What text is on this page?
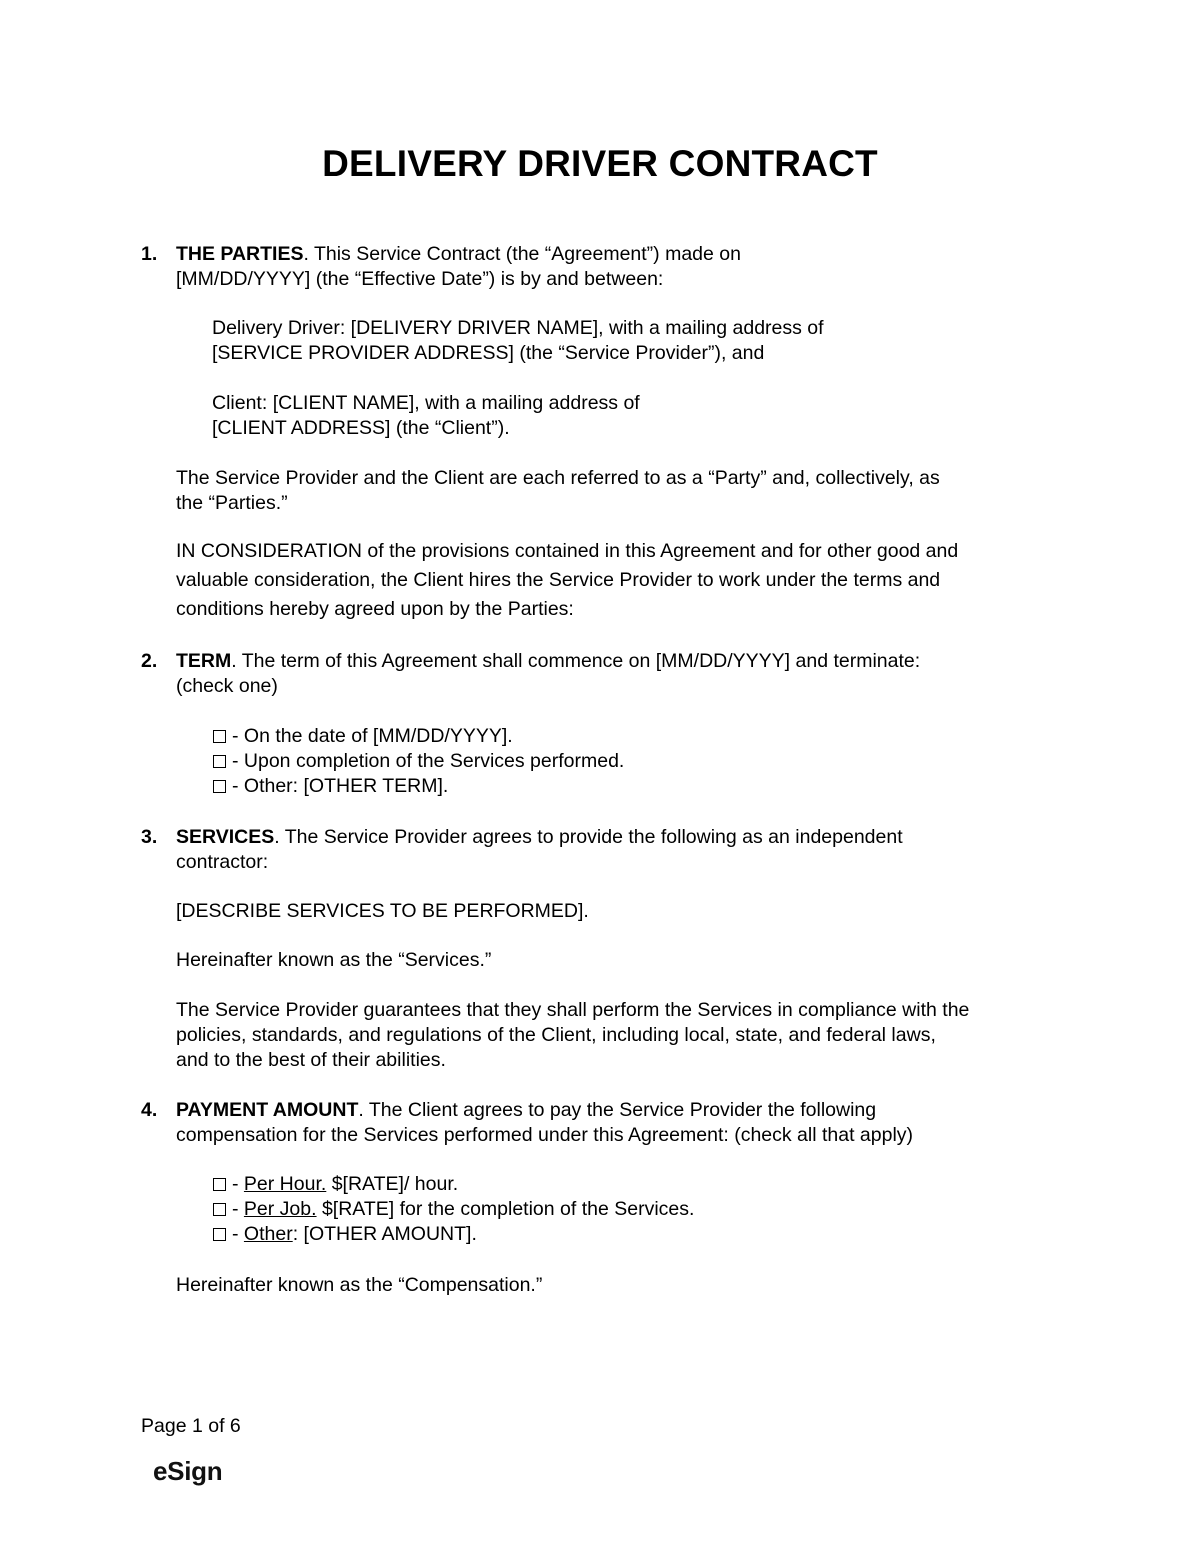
DELIVERY DRIVER CONTRACT
1. THE PARTIES. This Service Contract (the “Agreement”) made on
[MM/DD/YYYY] (the “Effective Date”) is by and between:
Delivery Driver: [DELIVERY DRIVER NAME], with a mailing address of
[SERVICE PROVIDER ADDRESS] (the “Service Provider”), and
Client: [CLIENT NAME], with a mailing address of
[CLIENT ADDRESS] (the “Client”).
The Service Provider and the Client are each referred to as a “Party” and, collectively, as
the “Parties.”
IN CONSIDERATION of the provisions contained in this Agreement and for other good and
valuable consideration, the Client hires the Service Provider to work under the terms and
conditions hereby agreed upon by the Parties:
2. TERM. The term of this Agreement shall commence on [MM/DD/YYYY] and terminate:
(check one)
- On the date of [MM/DD/YYYY].
- Upon completion of the Services performed.
- Other: [OTHER TERM].
3. SERVICES. The Service Provider agrees to provide the following as an independent
contractor:
[DESCRIBE SERVICES TO BE PERFORMED].
Hereinafter known as the “Services.”
The Service Provider guarantees that they shall perform the Services in compliance with the
policies, standards, and regulations of the Client, including local, state, and federal laws,
and to the best of their abilities.
4. PAYMENT AMOUNT. The Client agrees to pay the Service Provider the following
compensation for the Services performed under this Agreement: (check all that apply)
- Per Hour. $[RATE]/ hour.
- Per Job. $[RATE] for the completion of the Services.
- Other: [OTHER AMOUNT].
Hereinafter known as the “Compensation.”
Page 1 of 6
eSign
